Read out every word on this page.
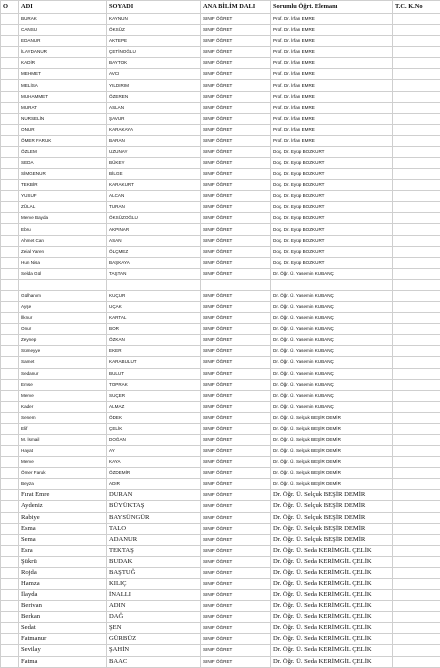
O	ADI	SOYADI	ANA BİLİM DALI	Sorumlu Öğrt. Elemanı	T.C. K.No
	BURAK	KAYNUN	SINIF ÖĞRET	Prof. Dr. İrfan EMRE	
	CANSU	ÖKSÜZ	SINIF ÖĞRET	Prof. Dr. İrfan EMRE	
	EDANUR	AKTEPE	SINIF ÖĞRET	Prof. Dr. İrfan EMRE	
	İLAYDANUR	ÇETİNOĞLU	SINIF ÖĞRET	Prof. Dr. İrfan EMRE	
	KADİR	BAYTOK	SINIF ÖĞRET	Prof. Dr. İrfan EMRE	
	MEHMET	AVCI	SINIF ÖĞRET	Prof. Dr. İrfan EMRE	
	MELİSA	YILDIRIM	SINIF ÖĞRET	Prof. Dr. İrfan EMRE	
	MUHAMMET	ÖZEREN	SINIF ÖĞRET	Prof. Dr. İrfan EMRE	
	MURAT	ASLAN	SINIF ÖĞRET	Prof. Dr. İrfan EMRE	
	NURSELİN	ŞAVUR	SINIF ÖĞRET	Prof. Dr. İrfan EMRE	
	ONUR	KARAKAYA	SINIF ÖĞRET	Prof. Dr. İrfan EMRE	
	ÖMER FARUK	BARAN	SINIF ÖĞRET	Prof. Dr. İrfan EMRE	
	ÖZLEM	UZUNAY	SINIF ÖĞRET	Doç. Dr. Eyüp BOZKURT	
	SEDA	BÜKEY	SINIF ÖĞRET	Doç. Dr. Eyüp BOZKURT	
	SİMGENUR	BİLGE	SINIF ÖĞRET	Doç. Dr. Eyüp BOZKURT	
	TEKBİR	KARAKURT	SINIF ÖĞRET	Doç. Dr. Eyüp BOZKURT	
	YUSUF	ALCAN	SINIF ÖĞRET	Doç. Dr. Eyüp BOZKURT	
	ZÜLAL	TURAN	SINIF ÖĞRET	Doç. Dr. Eyüp BOZKURT	
	Merve Bayda	ÖKSÜZOĞLU	SINIF ÖĞRET	Doç. Dr. Eyüp BOZKURT	
	Ebru	AKPINAR	SINIF ÖĞRET	Doç. Dr. Eyüp BOZKURT	
	Ahmet Can	ASAN	SINIF ÖĞRET	Doç. Dr. Eyüp BOZKURT	
	Zeial Yaren	ÖLÇMEZ	SINIF ÖĞRET	Doç. Dr. Eyüp BOZKURT	
	Hun Nisa	BAŞKAYA	SINIF ÖĞRET	Doç. Dr. Eyüp BOZKURT	
	Selda Gül	TAŞTAN	SINIF ÖĞRET	Dr. Öğr. Ü. Yasemin KUBANÇ	

	Gülhanım	KUÇUR	SINIF ÖĞRET	Dr. Öğr. Ü. Yasemin KUBANÇ	
	Ayşe	UÇAK	SINIF ÖĞRET	Dr. Öğr. Ü. Yasemin KUBANÇ	
	İlknur	KARTAL	SINIF ÖĞRET	Dr. Öğr. Ü. Yasemin KUBANÇ	
	Onur	BOR	SINIF ÖĞRET	Dr. Öğr. Ü. Yasemin KUBANÇ	
	Zeynep	ÖZKAN	SINIF ÖĞRET	Dr. Öğr. Ü. Yasemin KUBANÇ	
	Sümeyye	EKER	SINIF ÖĞRET	Dr. Öğr. Ü. Yasemin KUBANÇ	
	Samet	KARABULUT	SINIF ÖĞRET	Dr. Öğr. Ü. Yasemin KUBANÇ	
	Sedanur	BULUT	SINIF ÖĞRET	Dr. Öğr. Ü. Yasemin KUBANÇ	
	Emse	TOPRAK	SINIF ÖĞRET	Dr. Öğr. Ü. Yasemin KUBANÇ	
	Merve	SUÇER	SINIF ÖĞRET	Dr. Öğr. Ü. Yasemin KUBANÇ	
	Kader	ALMAZ	SINIF ÖĞRET	Dr. Öğr. Ü. Yasemin KUBANÇ	
	Senem	ÖDEK	SINIF ÖĞRET	Dr. Öğr. Ü. Selçuk BEŞİR DEMİR	
	Elif	ÇELİK	SINIF ÖĞRET	Dr. Öğr. Ü. Selçuk BEŞİR DEMİR	
	M. İsmail	DOĞAN	SINIF ÖĞRET	Dr. Öğr. Ü. Selçuk BEŞİR DEMİR	
	Hayat	AY	SINIF ÖĞRET	Dr. Öğr. Ü. Selçuk BEŞİR DEMİR	
	Merve	KAYA	SINIF ÖĞRET	Dr. Öğr. Ü. Selçuk BEŞİR DEMİR	
	Ömer Faruk	ÖZDEMİR	SINIF ÖĞRET	Dr. Öğr. Ü. Selçuk BEŞİR DEMİR	
	Beyza	ADIR	SINIF ÖĞRET	Dr. Öğr. Ü. Selçuk BEŞİR DEMİR	
	Fırat Emre	DURAN	SINIF ÖĞRET	Dr. Öğr. Ü. Selçuk BEŞİR DEMİR	
	Aydeniz	BÜYÜKTAŞ	SINIF ÖĞRET	Dr. Öğr. Ü. Selçuk BEŞİR DEMİR	
	Rabiye	BAYSÜNGÜR	SINIF ÖĞRET	Dr. Öğr. Ü. Selçuk BEŞİR DEMİR	
	Esma	TALO	SINIF ÖĞRET	Dr. Öğr. Ü. Selçuk BEŞİR DEMİR	
	Sema	ADANUR	SINIF ÖĞRET	Dr. Öğr. Ü. Selçuk BEŞİR DEMİR	
	Esra	TEKTAŞ	SINIF ÖĞRET	Dr. Öğr. Ü. Seda KERİMGİL ÇELİK	
	Şükrü	BUDAK	SINIF ÖĞRET	Dr. Öğr. Ü. Seda KERİMGİL ÇELİK	
	Rojda	BAŞTUĞ	SINIF ÖĞRET	Dr. Öğr. Ü. Seda KERİMGİL ÇELİK	
	Hamza	KILIÇ	SINIF ÖĞRET	Dr. Öğr. Ü. Seda KERİMGİL ÇELİK	
	İlayda	İNALLI	SINIF ÖĞRET	Dr. Öğr. Ü. Seda KERİMGİL ÇELİK	
	Berivan	ADIN	SINIF ÖĞRET	Dr. Öğr. Ü. Seda KERİMGİL ÇELİK	
	Berkan	DAĞ	SINIF ÖĞRET	Dr. Öğr. Ü. Seda KERİMGİL ÇELİK	
	Sedat	ŞEN	SINIF ÖĞRET	Dr. Öğr. Ü. Seda KERİMGİL ÇELİK	
	Fatmanur	GÜRBÜZ	SINIF ÖĞRET	Dr. Öğr. Ü. Seda KERİMGİL ÇELİK	
	Sevilay	ŞAHİN	SINIF ÖĞRET	Dr. Öğr. Ü. Seda KERİMGİL ÇELİK	
	Fatma	BAAC	SINIF ÖĞRET	Dr. Öğr. Ü. Seda KERİMGİL ÇELİK	
